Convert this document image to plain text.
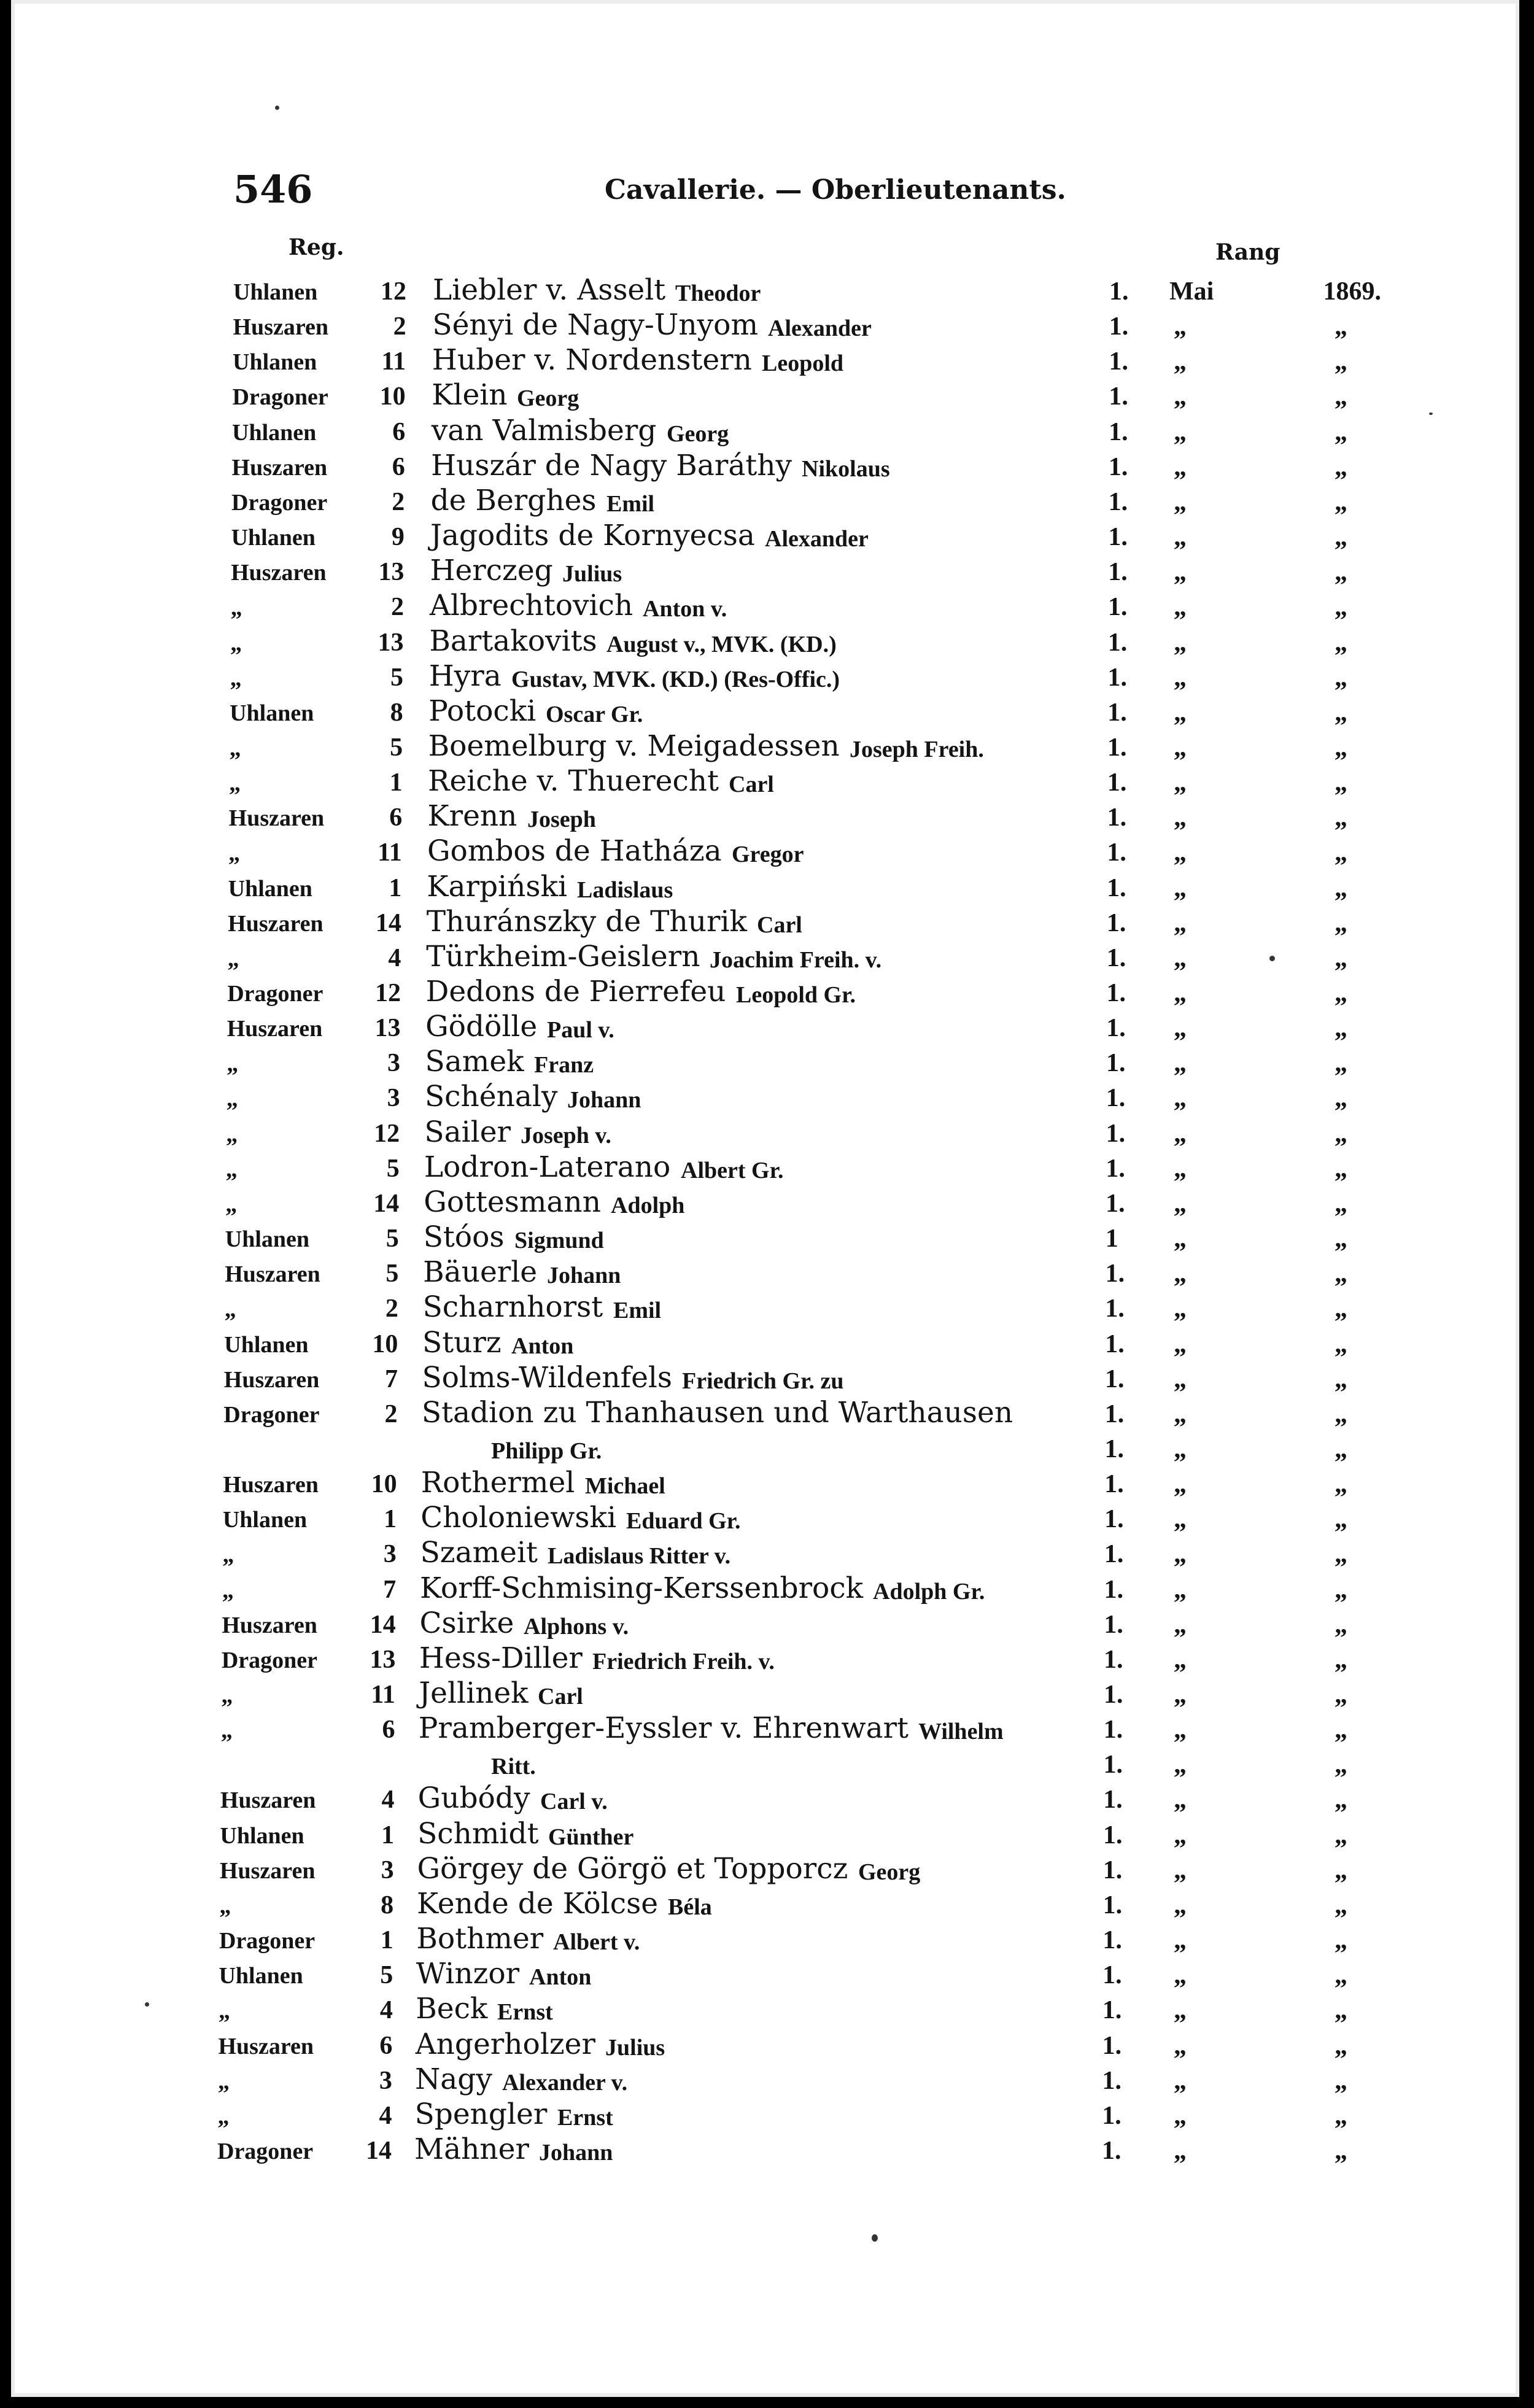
546	Cavallerie. — Oberlieutenants.
Reg.	Rang
Uhlanen 12 Liebler v. Asselt Theodor	1. Mai	1869.
Huszaren	2 Sényi de Nagy-Unyom Alexander	1. „	„
Uhlanen	11 Huber v. Nordenstern Leopold	1. „	„
Dragoner 10 Klein Georg	1. „	„
Uhlanen	6 van Valmisberg Georg	1. „	„
Huszaren	6 Huszár de Nagy Baráthy Nikolaus	1. „	„
Dragoner	2 de Berghes Emil	1. „	„
Uhlanen	9 Jagodits de Kornyecsa Alexander	1. „	„
Huszaren 13 Herczeg Julius	1. „	„
„	2 Albrechtovich Anton v.	1. „	„
„	13 Bartakovits August v., MVK. (KD.)	1. „	„
„	5 Hyra Gustav, MVK. (KD.) (Res-Offic.)	1. „	„
Uhlanen	8 Potocki Oscar Gr.	1. „	„
„	5 Boemelburg v. Meigadessen Joseph Freih.	1. „	„
„	1 Reiche v. Thuerecht Carl	1. „	„
Huszaren	6 Krenn Joseph	1. „	„
„	11 Gombos de Hatháza Gregor	1. „	„
Uhlanen	1 Karpiński Ladislaus	1. „	„
Huszaren 14 Thuránszky de Thurik Carl	1. „	„
„	4 Türkheim-Geislern Joachim Freih. v.	1. „	„
Dragoner 12 Dedons de Pierrefeu Leopold Gr.	1. „	„
Huszaren 13 Gödölle Paul v.	1. „	„
„	3 Samek Franz	1. „	„
„	3 Schénaly Johann	1. „	„
„	12 Sailer Joseph v.	1. „	„
„	5 Lodron-Laterano Albert Gr.	1. „	„
„	14 Gottesmann Adolph	1. „	„
Uhlanen	5 Stóos Sigmund	1 „	„
Huszaren	5 Bäuerle Johann	1. „	„
„	2 Scharnhorst Emil	1. „	„
Uhlanen 10 Sturz Anton	1. „	„
Huszaren	7 Solms-Wildenfels Friedrich Gr. zu	1. „	„
Dragoner	2 Stadion zu Thanhausen und Warthausen	1. „	„
Philipp Gr.	1. „	„
Huszaren 10 Rothermel Michael	1. „	„
Uhlanen	1 Choloniewski Eduard Gr.	1. „	„
„	3 Szameit Ladislaus Ritter v.	1. „	„
„	7 Korff-Schmising-Kerssenbrock Adolph Gr.	1. „	„
Huszaren 14 Csirke Alphons v.	1. „	„
Dragoner 13 Hess-Diller Friedrich Freih. v.	1. „	„
„	11 Jellinek Carl	1. „	„
„	6 Pramberger-Eyssler v. Ehrenwart Wilhelm	1. „	„
Ritt.	1. „	„
Huszaren	4 Gubódy Carl v.	1. „	„
Uhlanen	1 Schmidt Günther	1. „	„
Huszaren	3 Görgey de Görgö et Topporcz Georg	1. „	„
„	8 Kende de Kölcse Béla	1. „	„
Dragoner	1 Bothmer Albert v.	1. „	„
Uhlanen	5 Winzor Anton	1. „	„
„	4 Beck Ernst	1. „	„
Huszaren	6 Angerholzer Julius	1. „	„
„	3 Nagy Alexander v.	1. „	„
„	4 Spengler Ernst	1. „	„
Dragoner 14 Mähner Johann	1. „	„
